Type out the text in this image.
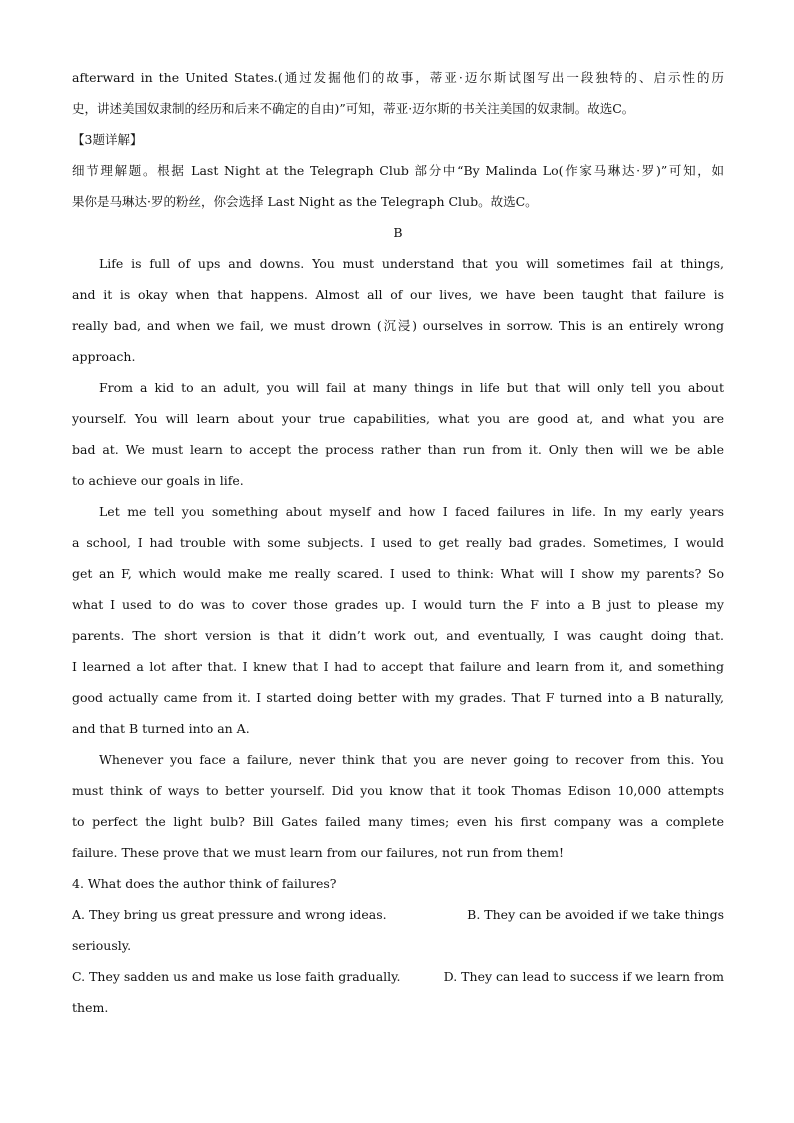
afterward in the United States.(通过发掘他们的故事，蒂亚·迈尔斯试图写出一段独特的、启示性的历

史，讲述美国奴隶制的经历和后来不确定的自由)”可知，蒂亚·迈尔斯的书关注美国的奴隶制。故选C。

【3题详解】

细节理解题。根据 Last Night at the Telegraph Club 部分中“By Malinda Lo(作家马琳达·罗)”可知，如

果你是马琳达·罗的粉丝，你会选择 Last Night as the Telegraph Club。故选C。

B

Life is full of ups and downs. You must understand that you will sometimes fail at things,

and it is okay when that happens. Almost all of our lives, we have been taught that failure is

really bad, and when we fail, we must drown (沉浸) ourselves in sorrow. This is an entirely wrong

approach.

From a kid to an adult, you will fail at many things in life but that will only tell you about

yourself. You will learn about your true capabilities, what you are good at, and what you are

bad at. We must learn to accept the process rather than run from it. Only then will we be able

to achieve our goals in life.

Let me tell you something about myself and how I faced failures in life. In my early years

a school, I had trouble with some subjects. I used to get really bad grades. Sometimes, I would

get an F, which would make me really scared. I used to think: What will I show my parents? So

what I used to do was to cover those grades up. I would turn the F into a B just to please my

parents. The short version is that it didn’t work out, and eventually, I was caught doing that.

I learned a lot after that. I knew that I had to accept that failure and learn from it, and something

good actually came from it. I started doing better with my grades. That F turned into a B naturally,

and that B turned into an A.

Whenever you face a failure, never think that you are never going to recover from this. You

must think of ways to better yourself. Did you know that it took Thomas Edison 10,000 attempts

to perfect the light bulb? Bill Gates failed many times; even his first company was a complete

failure. These prove that we must learn from our failures, not run from them!

4. What does the author think of failures?

A. They bring us great pressure and wrong ideas.	B. They can be avoided if we take things

seriously.

C. They sadden us and make us lose faith gradually.	D. They can lead to success if we learn from

them.
